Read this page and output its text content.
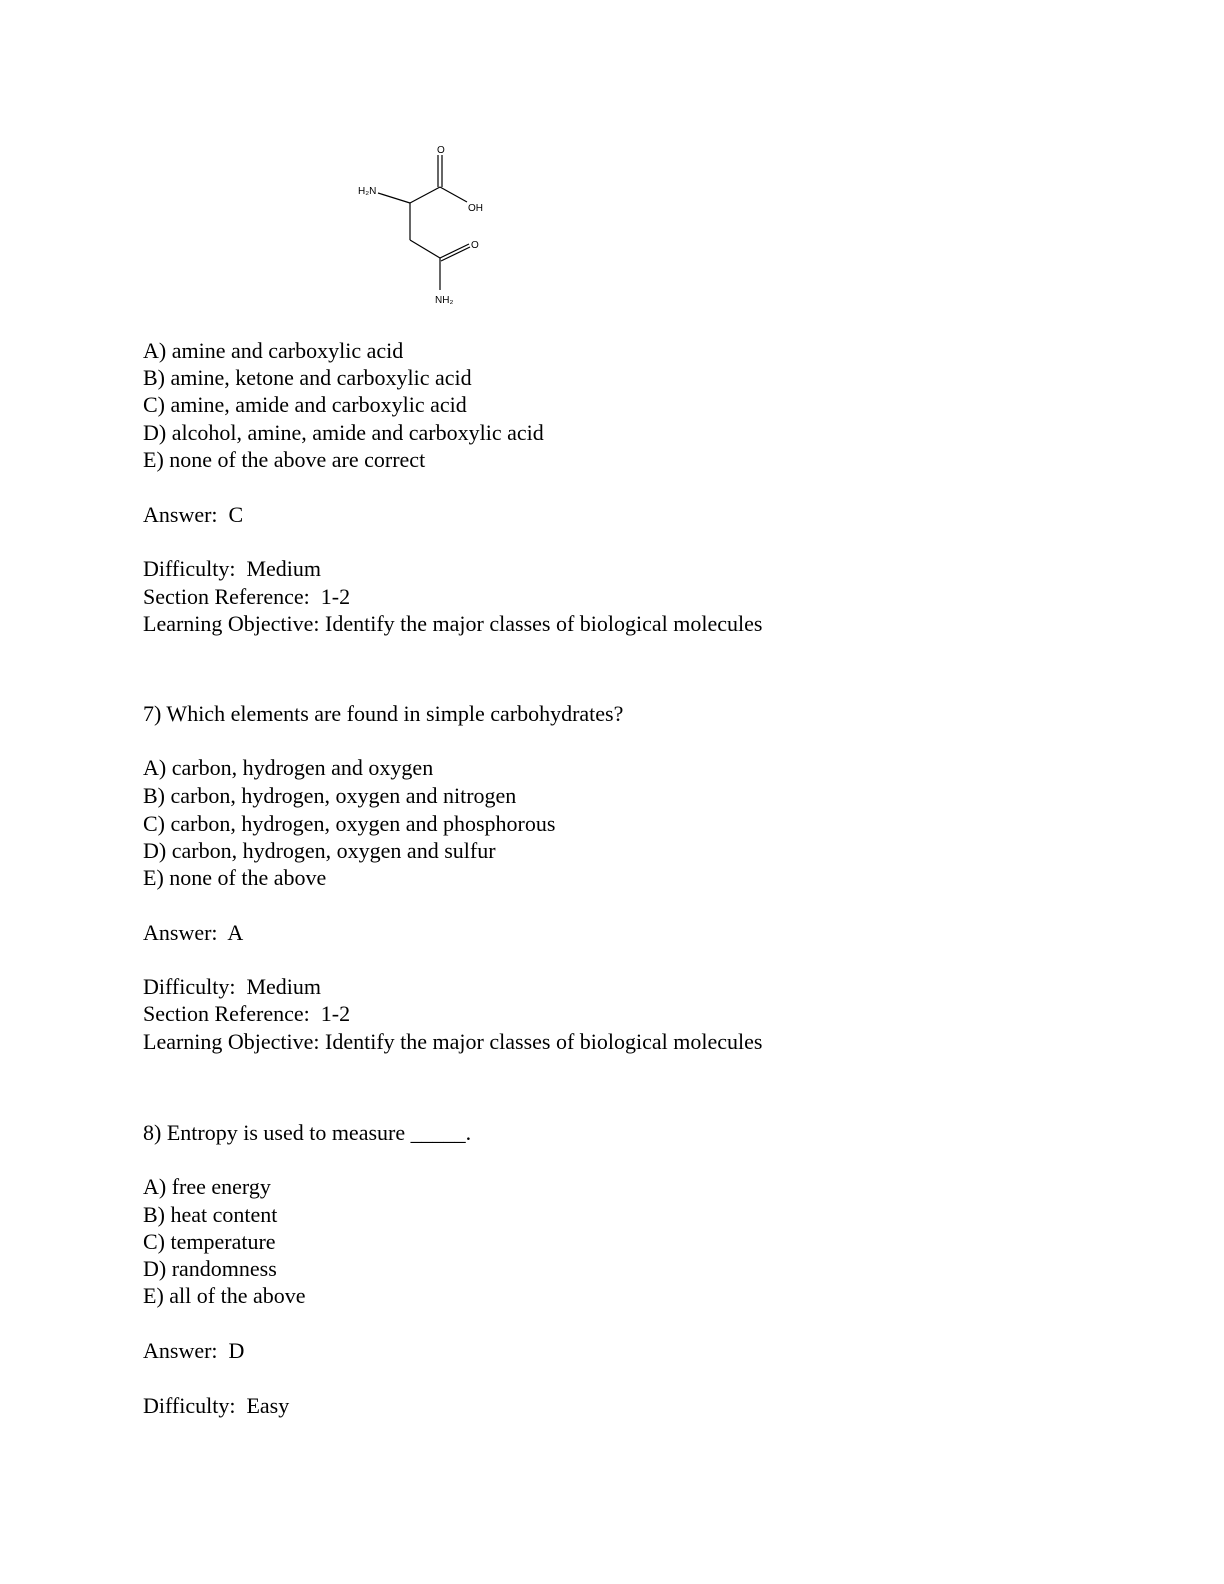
H₂N
O
OH
O
NH₂
A) amine and carboxylic acid
B) amine, ketone and carboxylic acid
C) amine, amide and carboxylic acid
D) alcohol, amine, amide and carboxylic acid
E) none of the above are correct
Answer:  C
Difficulty:  Medium
Section Reference:  1-2
Learning Objective: Identify the major classes of biological molecules
7) Which elements are found in simple carbohydrates?
A) carbon, hydrogen and oxygen
B) carbon, hydrogen, oxygen and nitrogen
C) carbon, hydrogen, oxygen and phosphorous
D) carbon, hydrogen, oxygen and sulfur
E) none of the above
Answer:  A
Difficulty:  Medium
Section Reference:  1-2
Learning Objective: Identify the major classes of biological molecules
8) Entropy is used to measure _____.
A) free energy
B) heat content
C) temperature
D) randomness
E) all of the above
Answer:  D
Difficulty:  Easy
